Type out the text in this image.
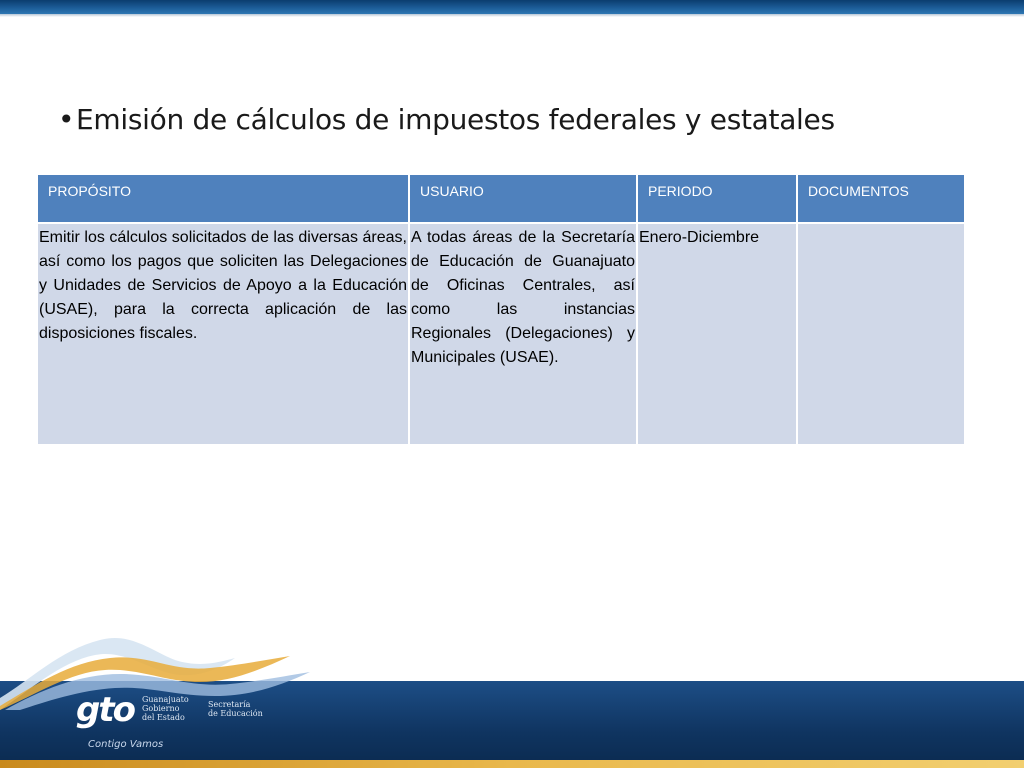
•Emisión de cálculos de impuestos federales y estatales
PROPÓSITO	USUARIO	PERIODO	DOCUMENTOS
Emitir los cálculos solicitados de las diversas áreas, así como los pagos que soliciten las Delegaciones y Unidades de Servicios de Apoyo a la Educación (USAE), para la correcta aplicación de las disposiciones fiscales.	A todas áreas de la Secretaría de Educación de Guanajuato de Oficinas Centrales, así como las instancias Regionales (Delegaciones) y Municipales (USAE).	Enero-Diciembre	
gto Guanajuato
Gobierno
del Estado
Secretaría
de Educación
Contigo Vamos
